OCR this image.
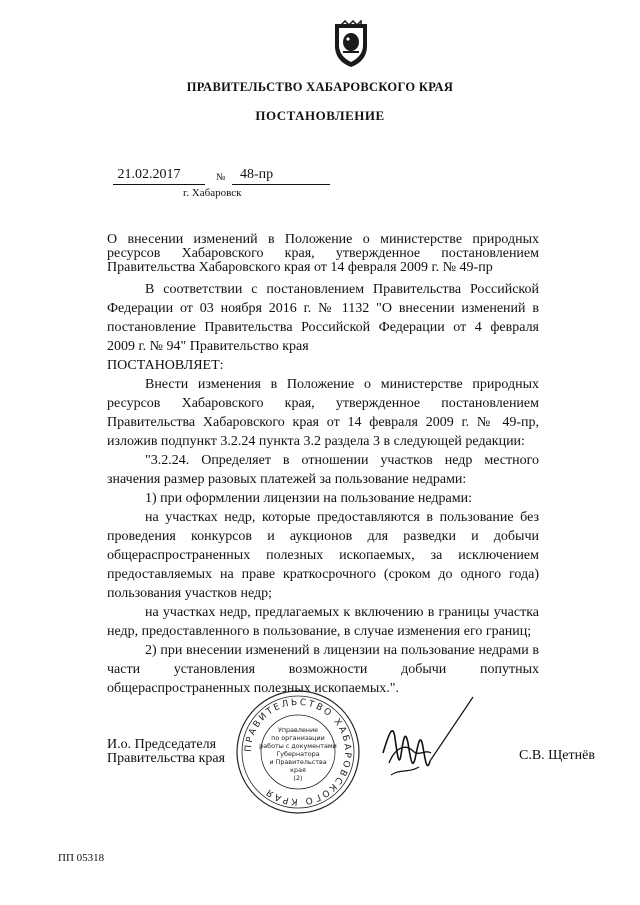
ПРАВИТЕЛЬСТВО ХАБАРОВСКОГО КРАЯ
ПОСТАНОВЛЕНИЕ
21.02.2017	№ 48-пр
г. Хабаровск
О внесении изменений в Положение о министерстве природных ресурсов Хабаровского края, утвержденное постановлением Правительства Хабаровского края от 14 февраля 2009 г. № 49-пр

В соответствии с постановлением Правительства Российской Федерации от 03 ноября 2016 г. № 1132 "О внесении изменений в постановление Правительства Российской Федерации от 4 февраля 2009 г. № 94" Правительство края

ПОСТАНОВЛЯЕТ:

Внести изменения в Положение о министерстве природных ресурсов Хабаровского края, утвержденное постановлением Правительства Хабаровского края от 14 февраля 2009 г. № 49-пр, изложив подпункт 3.2.24 пункта 3.2 раздела 3 в следующей редакции:

"3.2.24. Определяет в отношении участков недр местного значения размер разовых платежей за пользование недрами:

1) при оформлении лицензии на пользование недрами:

на участках недр, которые предоставляются в пользование без проведения конкурсов и аукционов для разведки и добычи общераспространенных полезных ископаемых, за исключением предоставляемых на праве краткосрочного (сроком до одного года) пользования участков недр;

на участках недр, предлагаемых к включению в границы участка недр, предоставленного в пользование, в случае изменения его границ;

2) при внесении изменений в лицензии на пользование недрами в части установления возможности добычи попутных общераспространенных полезных ископаемых.".

И.о. Председателя
Правительства края
ПРАВИТЕЛЬСТВО ХАБАРОВСКОГО КРАЯ
Управление
по организации
работы с документами
Губернатора
и Правительства
края
(2)
С.В. Щетнёв
ПП 05318
